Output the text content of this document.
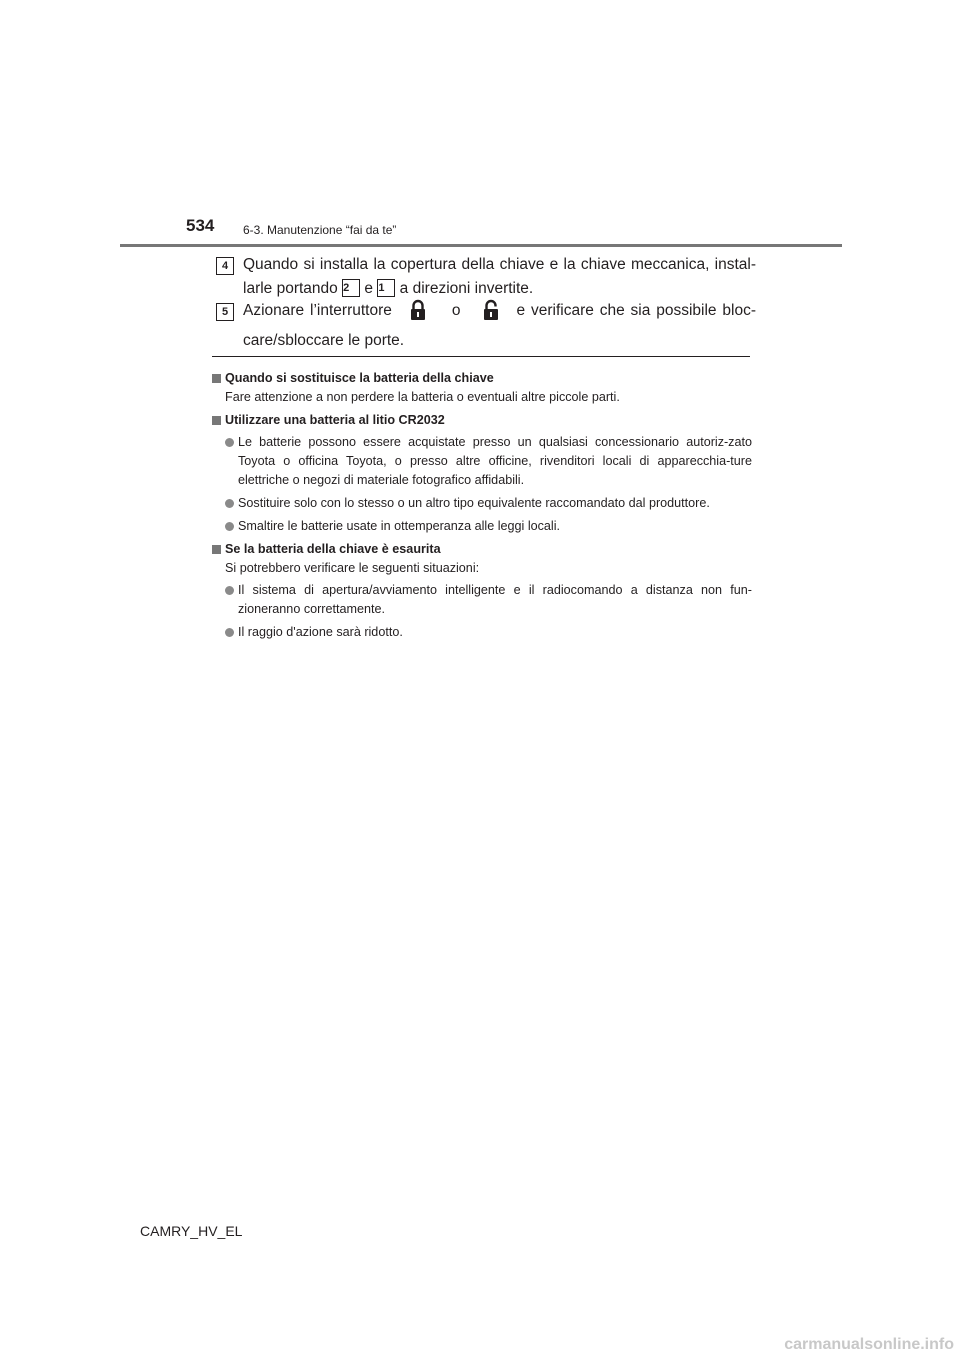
534 6-3. Manutenzione “fai da te”
4 Quando si installa la copertura della chiave e la chiave meccanica, instal-larle portando 2 e 1 a direzioni invertite.
5 Azionare l’interruttore	o	e verificare che sia possibile bloc-care/sbloccare le porte.
Quando si sostituisce la batteria della chiave
Fare attenzione a non perdere la batteria o eventuali altre piccole parti.
Utilizzare una batteria al litio CR2032
Le batterie possono essere acquistate presso un qualsiasi concessionario autoriz-zato Toyota o officina Toyota, o presso altre officine, rivenditori locali di apparecchia-ture elettriche o negozi di materiale fotografico affidabili.
Sostituire solo con lo stesso o un altro tipo equivalente raccomandato dal produttore.
Smaltire le batterie usate in ottemperanza alle leggi locali.
Se la batteria della chiave è esaurita
Si potrebbero verificare le seguenti situazioni:
Il sistema di apertura/avviamento intelligente e il radiocomando a distanza non fun-zioneranno correttamente.
Il raggio d'azione sarà ridotto.
CAMRY_HV_EL
carmanualsonline.info
